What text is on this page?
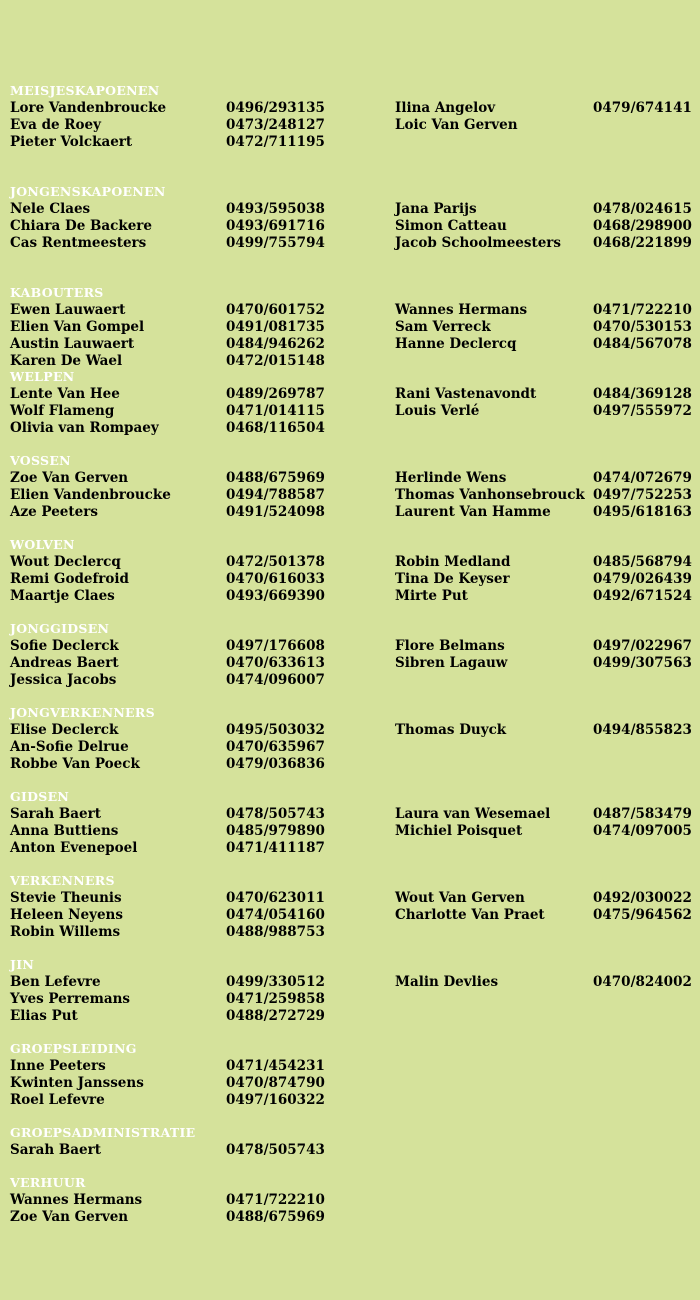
MEISJESKAPOENEN
Lore Vandenbroucke	0496/293135	Ilina Angelov	0479/674141
Eva de Roey	0473/248127	Loic Van Gerven
Pieter Volckaert	0472/711195
JONGENSKAPOENEN
Nele Claes	0493/595038	Jana Parijs	0478/024615
Chiara De Backere	0493/691716	Simon Catteau	0468/298900
Cas Rentmeesters	0499/755794	Jacob Schoolmeesters 0468/221899
KABOUTERS
Ewen Lauwaert	0470/601752	Wannes Hermans	0471/722210
Elien Van Gompel	0491/081735	Sam Verreck	0470/530153
Austin Lauwaert	0484/946262	Hanne Declercq	0484/567078
Karen De Wael	0472/015148
WELPEN
Lente Van Hee	0489/269787	Rani Vastenavondt	0484/369128
Wolf Flameng	0471/014115	Louis Verlé	0497/555972
Olivia van Rompaey	0468/116504
VOSSEN
Zoe Van Gerven	0488/675969	Herlinde Wens	0474/072679
Elien Vandenbroucke	0494/788587	Thomas Vanhonsebrouck 0497/752253
Aze Peeters	0491/524098	Laurent Van Hamme	0495/618163
WOLVEN
Wout Declercq	0472/501378	Robin Medland	0485/568794
Remi Godefroid	0470/616033	Tina De Keyser	0479/026439
Maartje Claes	0493/669390	Mirte Put	0492/671524
JONGGIDSEN
Sofie Declerck	0497/176608	Flore Belmans	0497/022967
Andreas Baert	0470/633613	Sibren Lagauw	0499/307563
Jessica Jacobs	0474/096007
JONGVERKENNERS
Elise Declerck	0495/503032	Thomas Duyck	0494/855823
An-Sofie Delrue	0470/635967
Robbe Van Poeck	0479/036836
GIDSEN
Sarah Baert	0478/505743	Laura van Wesemael	0487/583479
Anna Buttiens	0485/979890	Michiel Poisquet	0474/097005
Anton Evenepoel	0471/411187
VERKENNERS
Stevie Theunis	0470/623011	Wout Van Gerven	0492/030022
Heleen Neyens	0474/054160	Charlotte Van Praet	0475/964562
Robin Willems	0488/988753
JIN
Ben Lefevre	0499/330512	Malin Devlies	0470/824002
Yves Perremans	0471/259858
Elias Put	0488/272729
GROEPSLEIDING
Inne Peeters	0471/454231
Kwinten Janssens	0470/874790
Roel Lefevre	0497/160322
GROEPSADMINISTRATIE
Sarah Baert	0478/505743
VERHUUR
Wannes Hermans	0471/722210
Zoe Van Gerven	0488/675969
